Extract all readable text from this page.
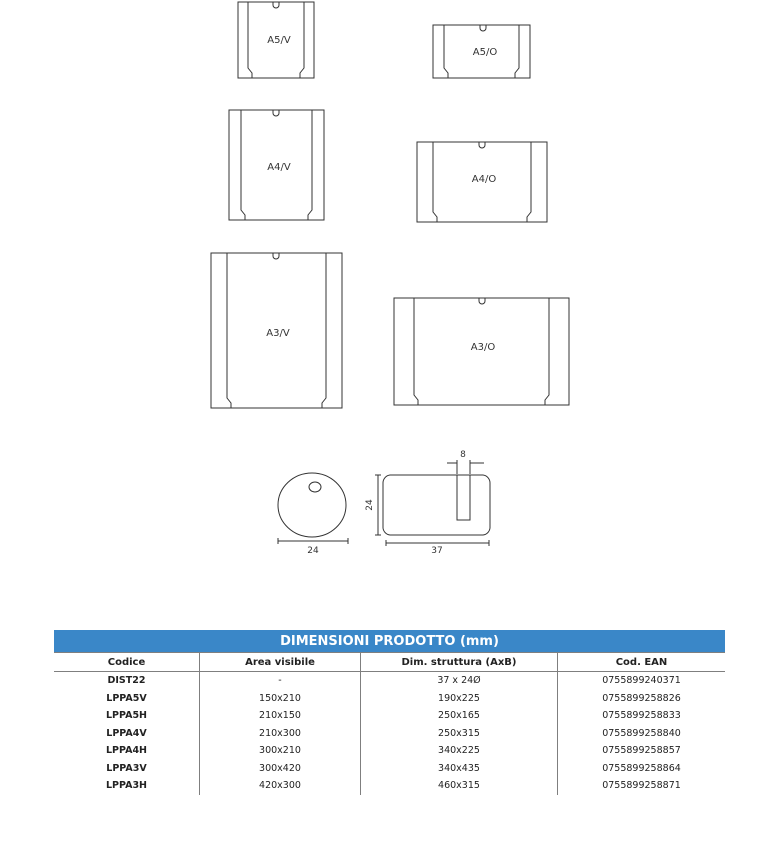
A5/V
A5/O
A4/V
A4/O
A3/V
A3/O
24	37
24
8
DIMENSIONI PRODOTTO (mm)			
Codice	Area visibile	Dim. struttura (AxB)	Cod. EAN
DIST22	-	37 x 24Ø	0755899240371
LPPA5V	150x210	190x225	0755899258826
LPPA5H	210x150	250x165	0755899258833
LPPA4V	210x300	250x315	0755899258840
LPPA4H	300x210	340x225	0755899258857
LPPA3V	300x420	340x435	0755899258864
LPPA3H	420x300	460x315	0755899258871
